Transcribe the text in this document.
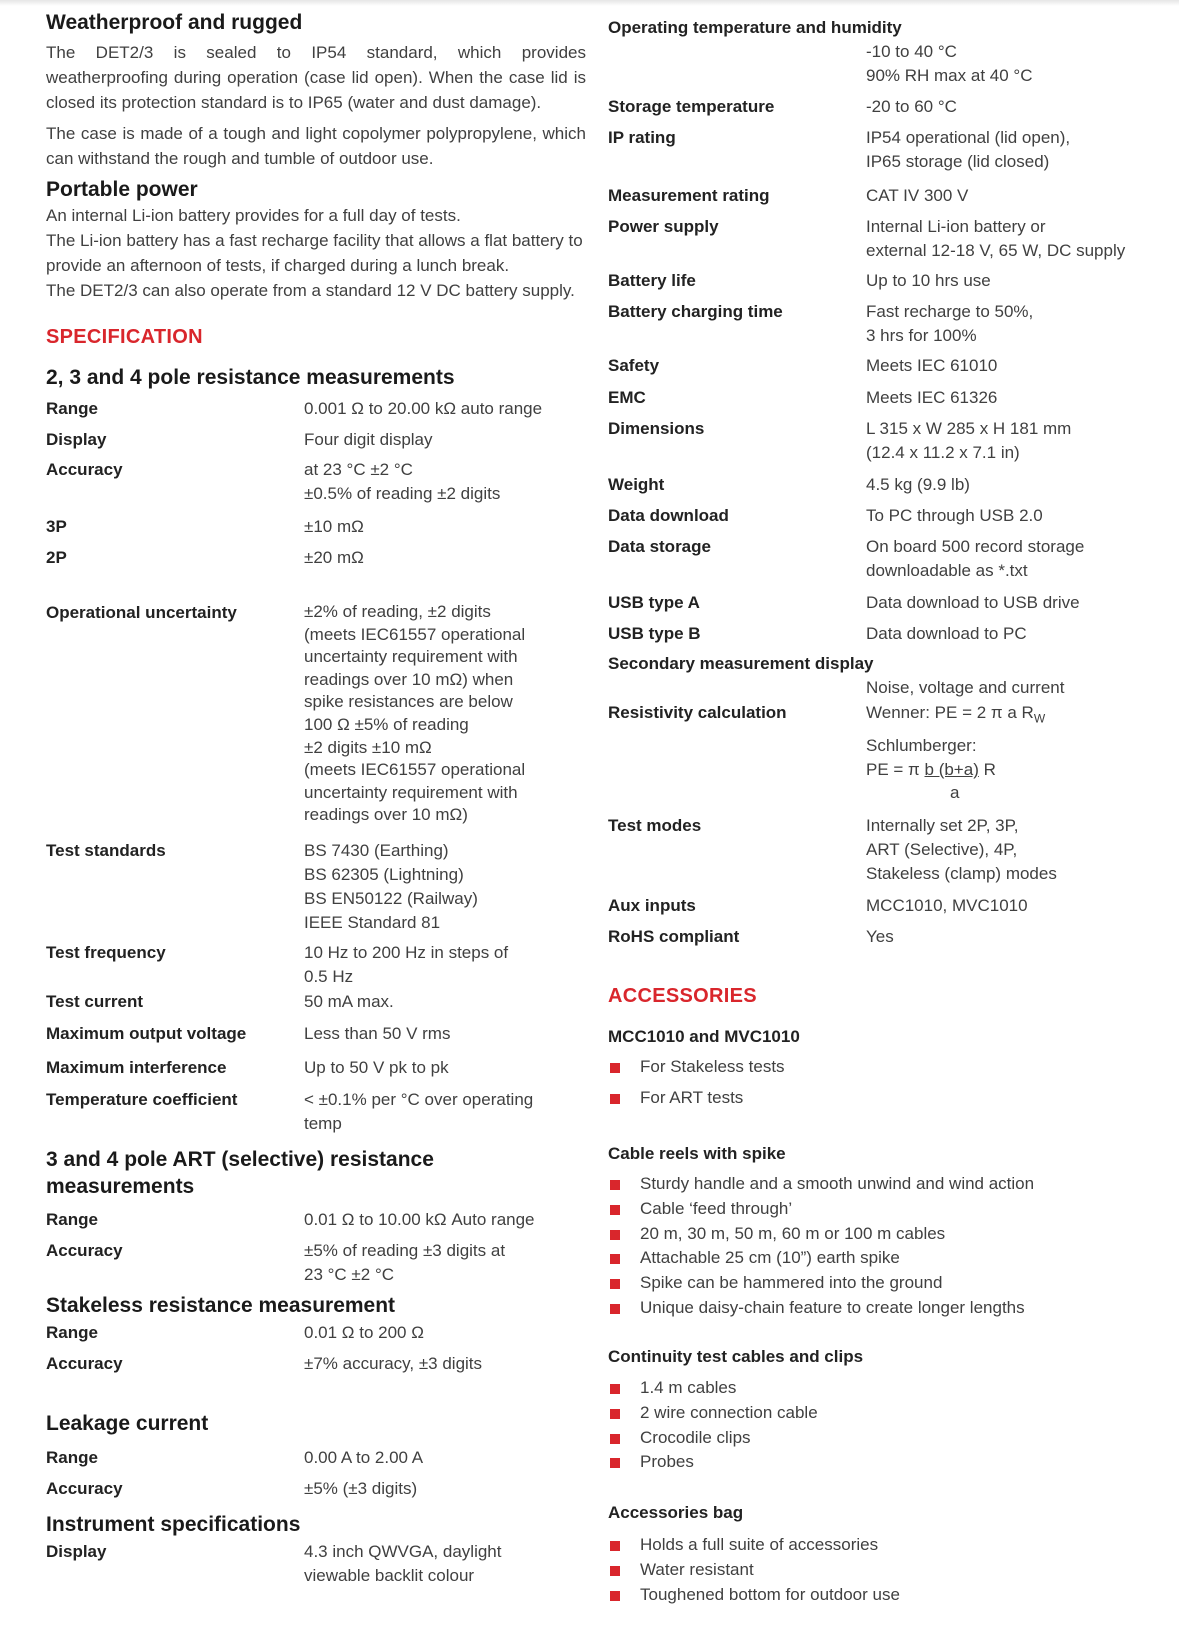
Weatherproof and rugged

The DET2/3 is sealed to IP54 standard, which provides weatherproofing during operation (case lid open). When the case lid is closed its protection standard is to IP65 (water and dust damage).

The case is made of a tough and light copolymer polypropylene, which can withstand the rough and tumble of outdoor use.

Portable power

An internal Li-ion battery provides for a full day of tests.

The Li-ion battery has a fast recharge facility that allows a flat battery to provide an afternoon of tests, if charged during a lunch break.

The DET2/3 can also operate from a standard 12 V DC battery supply.

SPECIFICATION
2, 3 and 4 pole resistance measurements
Range	0.001 Ω to 20.00 kΩ auto range
Display	Four digit display
Accuracy	at 23 °C ±2 °C
±0.5% of reading ±2 digits
3P	±10 mΩ
2P	±20 mΩ
Operational uncertainty	±2% of reading, ±2 digits
(meets IEC61557 operational
uncertainty requirement with
readings over 10 mΩ) when
spike resistances are below
100 Ω ±5% of reading
±2 digits ±10 mΩ
(meets IEC61557 operational
uncertainty requirement with
readings over 10 mΩ)
Test standards	BS 7430 (Earthing)
BS 62305 (Lightning)
BS EN50122 (Railway)
IEEE Standard 81
Test frequency	10 Hz to 200 Hz in steps of
0.5 Hz
Test current	50 mA max.
Maximum output voltage	Less than 50 V rms
Maximum interference	Up to 50 V pk to pk
Temperature coefficient	< ±0.1% per °C over operating
temp
3 and 4 pole ART (selective) resistance measurements
Range	0.01 Ω to 10.00 kΩ Auto range
Accuracy	±5% of reading ±3 digits at
23 °C ±2 °C
Stakeless resistance measurement
Range	0.01 Ω to 200 Ω
Accuracy	±7% accuracy, ±3 digits
Leakage current
Range	0.00 A to 2.00 A
Accuracy	±5% (±3 digits)
Instrument specifications
Display	4.3 inch QWVGA, daylight
viewable backlit colour
Operating temperature and humidity
-10 to 40 °C
90% RH max at 40 °C
Storage temperature	-20 to 60 °C
IP rating	IP54 operational (lid open),
IP65 storage (lid closed)
Measurement rating	CAT IV 300 V
Power supply	Internal Li-ion battery or
external 12-18 V, 65 W, DC supply
Battery life	Up to 10 hrs use
Battery charging time	Fast recharge to 50%,
3 hrs for 100%
Safety	Meets IEC 61010
EMC	Meets IEC 61326
Dimensions	L 315 x W 285 x H 181 mm
(12.4 x 11.2 x 7.1 in)
Weight	4.5 kg (9.9 lb)
Data download	To PC through USB 2.0
Data storage	On board 500 record storage
downloadable as *.txt
USB type A	Data download to USB drive
USB type B	Data download to PC
Secondary measurement display
Noise, voltage and current
Resistivity calculation	Wenner: PE = 2 π a $R_W$
Schlumberger:
PE = π b (b+a) R
a
Test modes	Internally set 2P, 3P,
ART (Selective), 4P,
Stakeless (clamp) modes
Aux inputs	MCC1010, MVC1010
RoHS compliant	Yes
ACCESSORIES
MCC1010 and MVC1010
For Stakeless tests
For ART tests
Cable reels with spike
Sturdy handle and a smooth unwind and wind action
Cable ‘feed through’
20 m, 30 m, 50 m, 60 m or 100 m cables
Attachable 25 cm (10”) earth spike
Spike can be hammered into the ground
Unique daisy-chain feature to create longer lengths
Continuity test cables and clips
1.4 m cables
2 wire connection cable
Crocodile clips
Probes
Accessories bag
Holds a full suite of accessories
Water resistant
Toughened bottom for outdoor use
